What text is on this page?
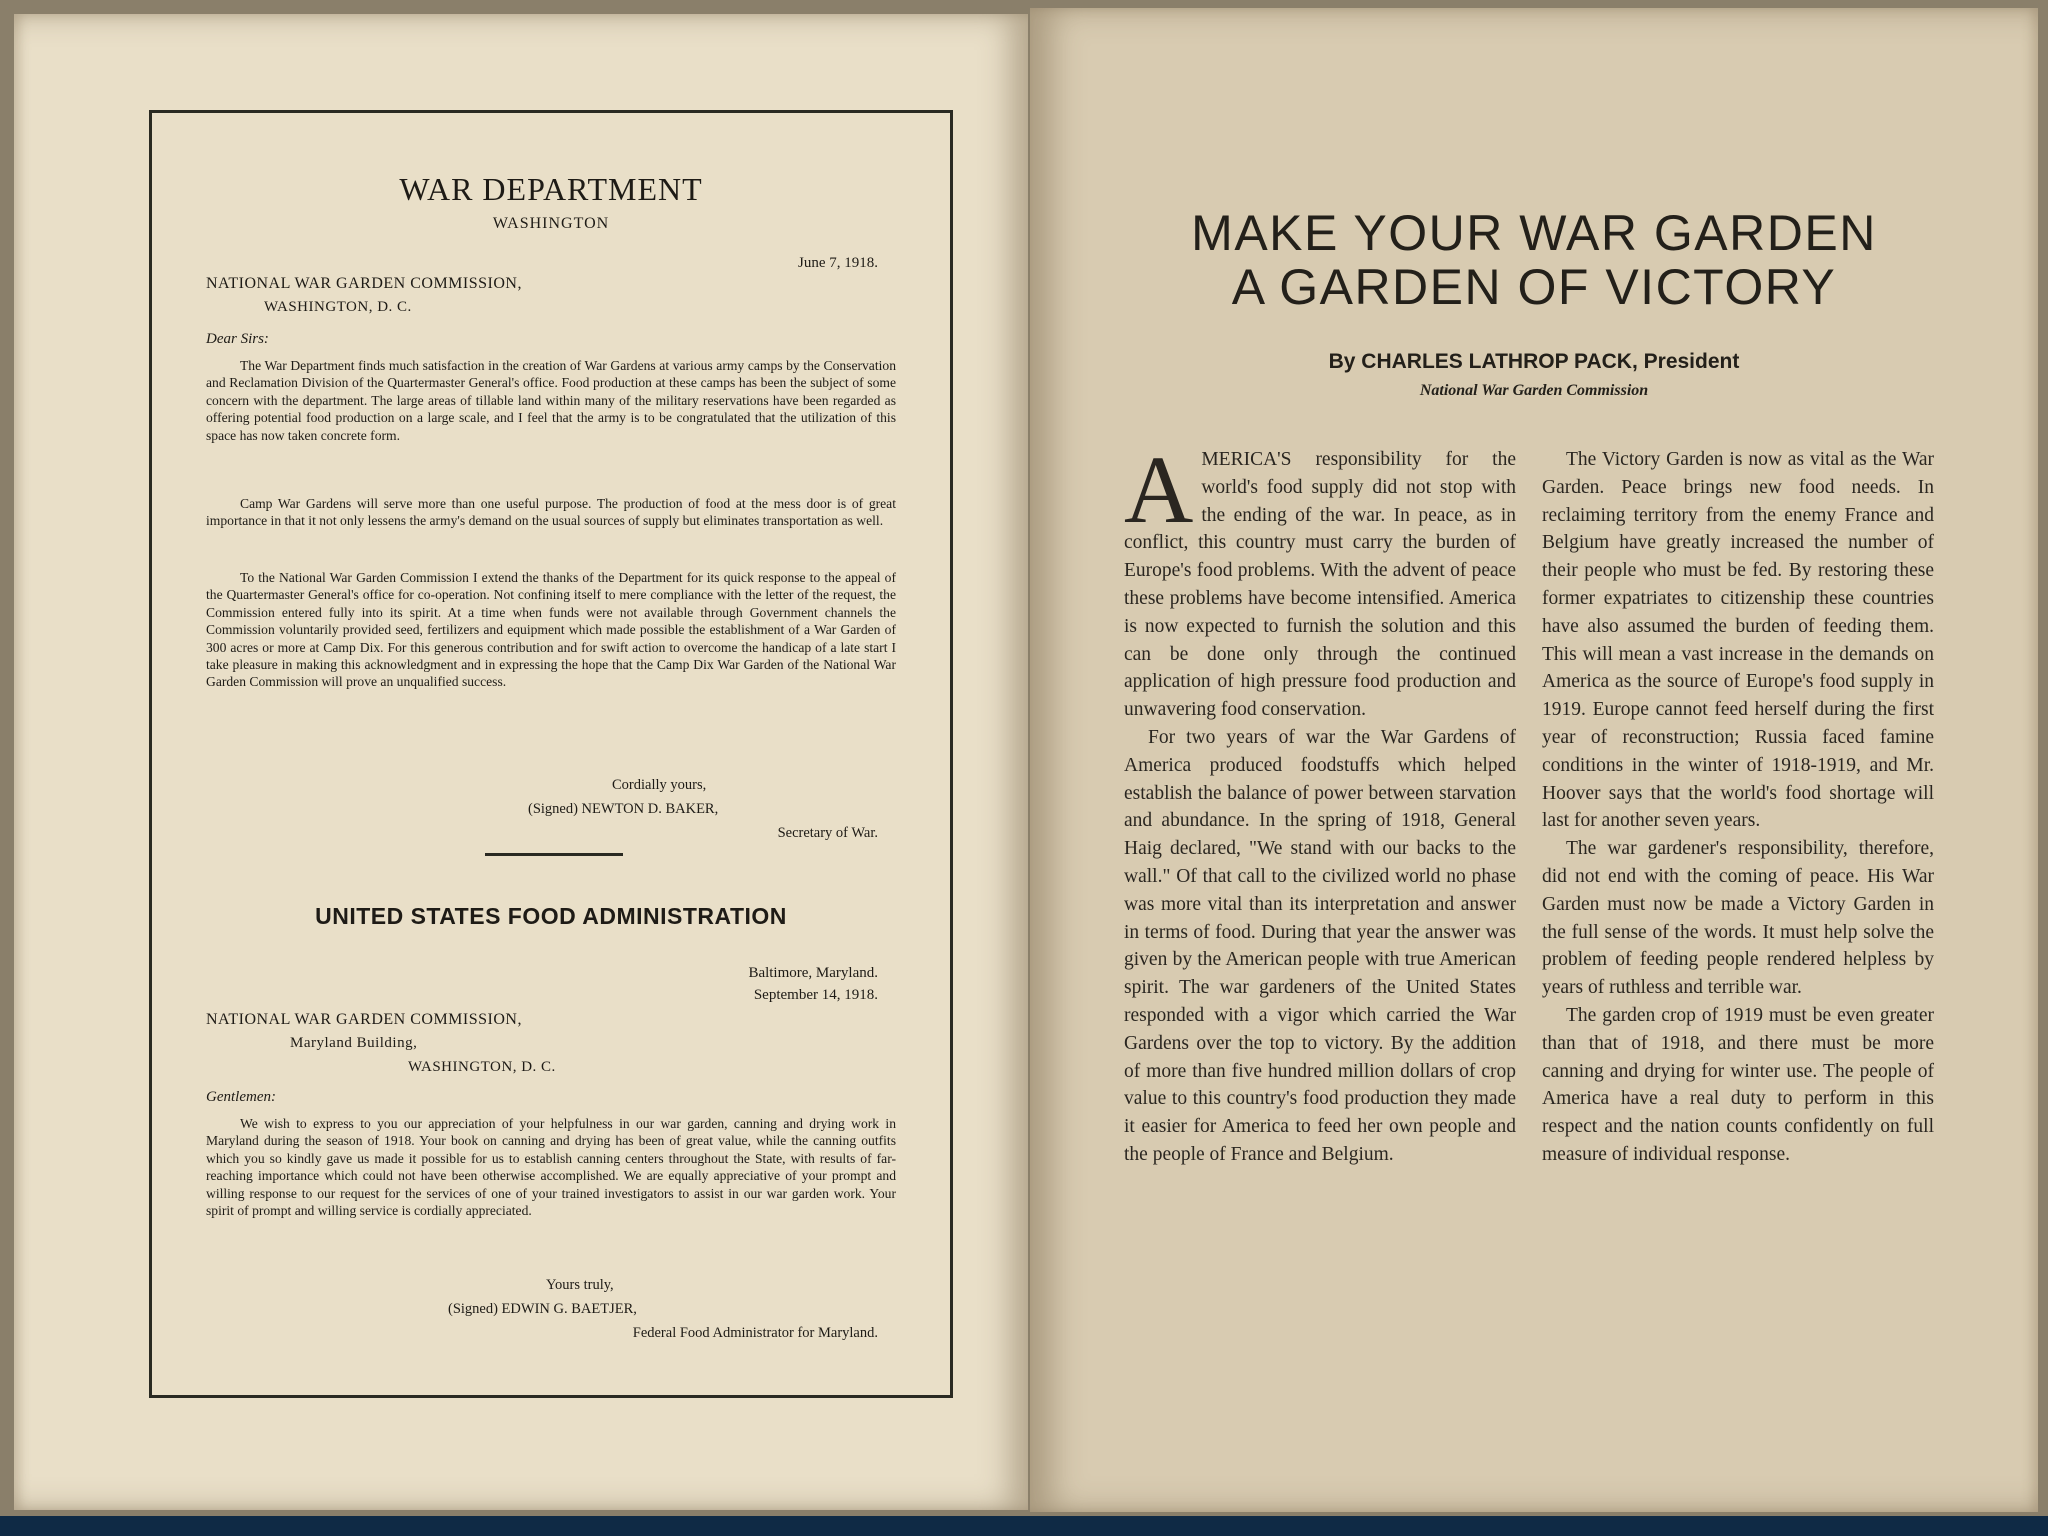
WAR DEPARTMENT
WASHINGTON
June 7, 1918.
NATIONAL WAR GARDEN COMMISSION,
WASHINGTON, D. C.
Dear Sirs:

The War Department finds much satisfaction in the creation of War Gardens at various army camps by the Conservation and Reclamation Division of the Quartermaster General's office. Food production at these camps has been the subject of some concern with the department. The large areas of tillable land within many of the military reservations have been regarded as offering potential food production on a large scale, and I feel that the army is to be congratulated that the utilization of this space has now taken concrete form.

Camp War Gardens will serve more than one useful purpose. The production of food at the mess door is of great importance in that it not only lessens the army's demand on the usual sources of supply but eliminates transportation as well.

To the National War Garden Commission I extend the thanks of the Department for its quick response to the appeal of the Quartermaster General's office for co-operation. Not confining itself to mere compliance with the letter of the request, the Commission entered fully into its spirit. At a time when funds were not available through Government channels the Commission voluntarily provided seed, fertilizers and equipment which made possible the establishment of a War Garden of 300 acres or more at Camp Dix. For this generous contribution and for swift action to overcome the handicap of a late start I take pleasure in making this acknowledgment and in expressing the hope that the Camp Dix War Garden of the National War Garden Commission will prove an unqualified success.

Cordially yours,
(Signed) NEWTON D. BAKER,
Secretary of War.
UNITED STATES FOOD ADMINISTRATION
Baltimore, Maryland.
September 14, 1918.
NATIONAL WAR GARDEN COMMISSION,
Maryland Building,
WASHINGTON, D. C.
Gentlemen:

We wish to express to you our appreciation of your helpfulness in our war garden, canning and drying work in Maryland during the season of 1918. Your book on canning and drying has been of great value, while the canning outfits which you so kindly gave us made it possible for us to establish canning centers throughout the State, with results of far-reaching importance which could not have been otherwise accomplished. We are equally appreciative of your prompt and willing response to our request for the services of one of your trained investigators to assist in our war garden work. Your spirit of prompt and willing service is cordially appreciated.

Yours truly,
(Signed) EDWIN G. BAETJER,
Federal Food Administrator for Maryland.
MAKE YOUR WAR GARDEN
A GARDEN OF VICTORY
By CHARLES LATHROP PACK, President
National War Garden Commission

AMERICA'S responsibility for the world's food supply did not stop with the ending of the war. In peace, as in conflict, this country must carry the burden of Europe's food problems. With the advent of peace these problems have become intensified. America is now expected to furnish the solution and this can be done only through the continued application of high pressure food production and unwavering food conservation.

For two years of war the War Gardens of America produced foodstuffs which helped establish the balance of power between starvation and abundance. In the spring of 1918, General Haig declared, "We stand with our backs to the wall." Of that call to the civilized world no phase was more vital than its interpretation and answer in terms of food. During that year the answer was given by the American people with true American spirit. The war gardeners of the United States responded with a vigor which carried the War Gardens over the top to victory. By the addition of more than five hundred million dollars of crop value to this country's food production they made it easier for America to feed her own people and the people of France and Belgium.

The Victory Garden is now as vital as the War Garden. Peace brings new food needs. In reclaiming territory from the enemy France and Belgium have greatly increased the number of their people who must be fed. By restoring these former expatriates to citizenship these countries have also assumed the burden of feeding them. This will mean a vast increase in the demands on America as the source of Europe's food supply in 1919. Europe cannot feed herself during the first year of reconstruction; Russia faced famine conditions in the winter of 1918-1919, and Mr. Hoover says that the world's food shortage will last for another seven years.

The war gardener's responsibility, therefore, did not end with the coming of peace. His War Garden must now be made a Victory Garden in the full sense of the words. It must help solve the problem of feeding people rendered helpless by years of ruthless and terrible war.

The garden crop of 1919 must be even greater than that of 1918, and there must be more canning and drying for winter use. The people of America have a real duty to perform in this respect and the nation counts confidently on full measure of individual response.
